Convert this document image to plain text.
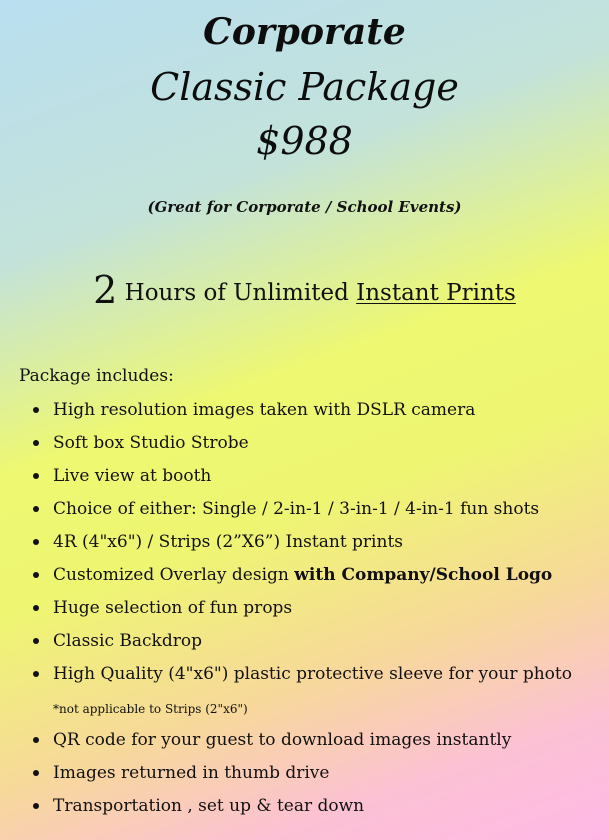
Corporate
Classic Package
$988
(Great for Corporate / School Events)
2 Hours of Unlimited Instant Prints
Package includes:
High resolution images taken with DSLR camera
Soft box Studio Strobe
Live view at booth
Choice of either: Single / 2-in-1 / 3-in-1 / 4-in-1 fun shots
4R (4"x6") / Strips (2”X6”) Instant prints
Customized Overlay design with Company/School Logo
Huge selection of fun props
Classic Backdrop
High Quality (4"x6") plastic protective sleeve for your photo
*not applicable to Strips (2"x6")
QR code for your guest to download images instantly
Images returned in thumb drive
Transportation , set up & tear down
